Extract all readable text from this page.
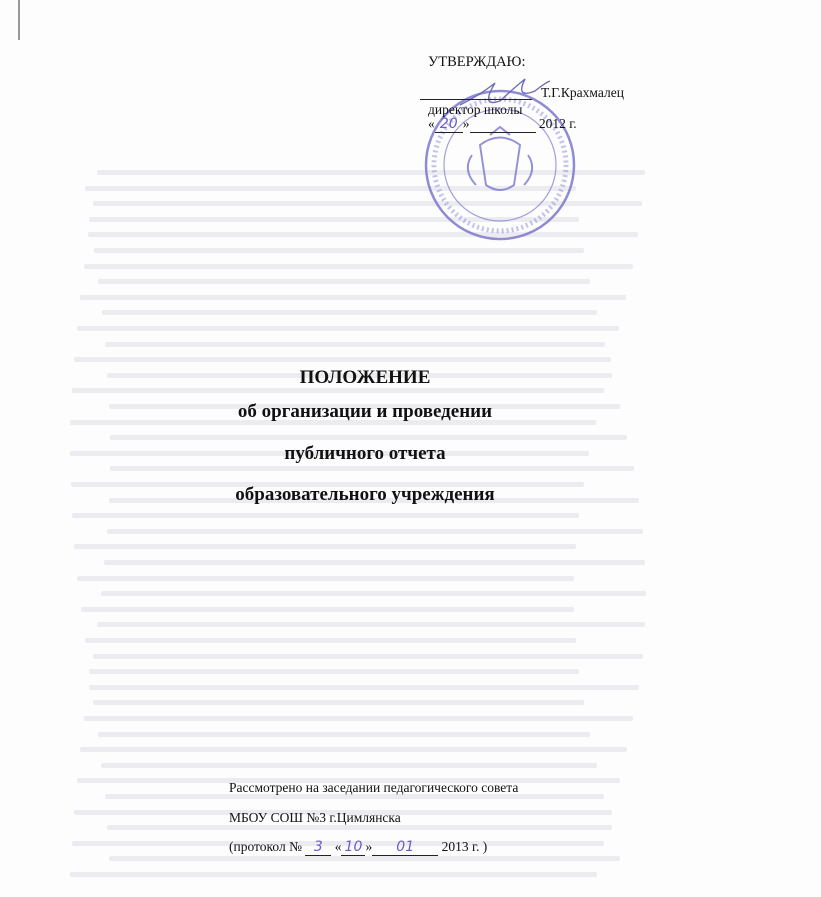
УТВЕРЖДАЮ:
Т.Г.Крахмалец
директор школы
« 20 »	2012 г.
ПОЛОЖЕНИЕ
об организации и проведении
публичного отчета
образовательного учреждения
Рассмотрено на заседании педагогического совета
МБОУ СОШ №3 г.Цимлянска
(протокол № 3 « 10 » 01 2013 г. )
